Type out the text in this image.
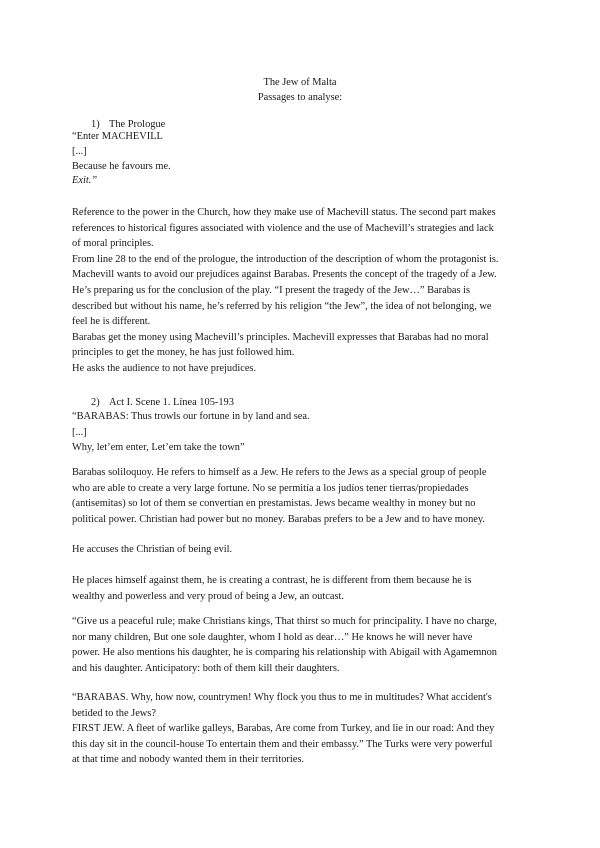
The Jew of Malta
Passages to analyse:
1) The Prologue
“Enter MACHEVILL
[...]
Because he favours me.
Exit.”
Reference to the power in the Church, how they make use of Machevill status. The second part makes
references to historical figures associated with violence and the use of Machevill’s strategies and lack
of moral principles.
From line 28 to the end of the prologue, the introduction of the description of whom the protagonist is.
Machevill wants to avoid our prejudices against Barabas. Presents the concept of the tragedy of a Jew.
He’s preparing us for the conclusion of the play. “I present the tragedy of the Jew…” Barabas is
described but without his name, he’s referred by his religion “the Jew”, the idea of not belonging, we
feel he is different.
Barabas get the money using Machevill’s principles. Machevill expresses that Barabas had no moral
principles to get the money, he has just followed him.
He asks the audience to not have prejudices.
2) Act I. Scene 1. Línea 105-193
“BARABAS: Thus trowls our fortune in by land and sea.
[...]
Why, let’em enter, Let’em take the town”
Barabas soliloquoy. He refers to himself as a Jew. He refers to the Jews as a special group of people
who are able to create a very large fortune. No se permitía a los judíos tener tierras/propiedades
(antisemitas) so lot of them se convertían en prestamistas. Jews became wealthy in money but no
political power. Christian had power but no money. Barabas prefers to be a Jew and to have money.
He accuses the Christian of being evil.
He places himself against them, he is creating a contrast, he is different from them because he is
wealthy and powerless and very proud of being a Jew, an outcast.
“Give us a peaceful rule; make Christians kings, That thirst so much for principality. I have no charge,
nor many children, But one sole daughter, whom I hold as dear…” He knows he will never have
power. He also mentions his daughter, he is comparing his relationship with Abigail with Agamemnon
and his daughter. Anticipatory: both of them kill their daughters.
“BARABAS. Why, how now, countrymen! Why flock you thus to me in multitudes? What accident's
betided to the Jews?
FIRST JEW. A fleet of warlike galleys, Barabas, Are come from Turkey, and lie in our road: And they
this day sit in the council-house To entertain them and their embassy.” The Turks were very powerful
at that time and nobody wanted them in their territories.
